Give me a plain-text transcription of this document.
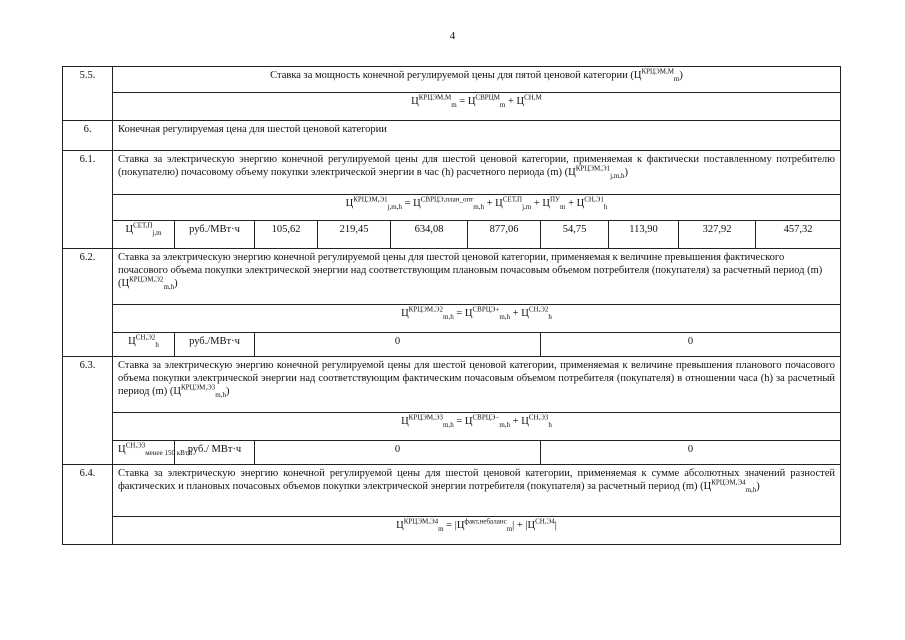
4
5.5.	Ставка за мощность конечной регулируемой цены для пятой ценовой категории $(Ц^{КРЦЭМ,М}_m)$									
	$Ц^{КРЦЭМ,М}_m = Ц^{СВРЦМ}_m + Ц^{СН,М}$
6.	Конечная регулируемая цена для шестой ценовой категории									
6.1.	Ставка за электрическую энергию конечной регулируемой цены для шестой ценовой категории, применяемая к фактически поставленному потребителю (покупателю) почасовому объему покупки электрической энергии в час (h) расчетного периода (m) $(Ц^{КРЦЭМ,Э1}_{j,m,h})$									
	$Ц^{КРЦЭМ,Э1}_{j,m,h} = Ц^{СВРЦЭ,план\_опт}_{m,h} + Ц^{СЕТ,П}_{j,m} + Ц^{ПУ}_m + Ц^{СН,Э1}_h$
	$Ц^{СЕТ,П}_{j,m}$	руб./МВт·ч	105,62	219,45	634,08	877,06	54,75	113,90	327,92	457,32
6.2.	Ставка за электрическую энергию конечной регулируемой цены для шестой ценовой категории, применяемая к величине превышения фактического почасового объема покупки электрической энергии над соответствующим плановым почасовым объемом потребителя (покупателя) за расчетный период (m) $(Ц^{КРЦЭМ,Э2}_{m,h})$									
	$Ц^{КРЦЭМ,Э2}_{m,h} = Ц^{СВРЦЭ+}_{m,h} + Ц^{СН,Э2}_h$
	$Ц^{СН,Э2}_h$	руб./МВт·ч	0				0			
6.3.	Ставка за электрическую энергию конечной регулируемой цены для шестой ценовой категории, применяемая к величине превышения планового почасового объема покупки электрической энергии над соответствующим фактическим почасовым объемом потребителя (покупателя) в отношении часа (h) за расчетный период (m) $(Ц^{КРЦЭМ,Э3}_{m,h})$									
	$Ц^{КРЦЭМ,Э3}_{m,h} = Ц^{СВРЦЭ-}_{m,h} + Ц^{СН,Э3}_h$
	$Ц^{СН,Э3}_{менее 150 кВт,h}$	руб./ МВт·ч	0				0			
6.4.	Ставка за электрическую энергию конечной регулируемой цены для шестой ценовой категории, применяемая к сумме абсолютных значений разностей фактических и плановых почасовых объемов покупки электрической энергии потребителя (покупателя) за расчетный период (m) $(Ц^{КРЦЭМ,Э4}_{m,h})$									
	$Ц^{КРЦЭМ,Э4}_m = |Ц^{факт,небаланс}_m| + |Ц^{СН,Э4}|$									
